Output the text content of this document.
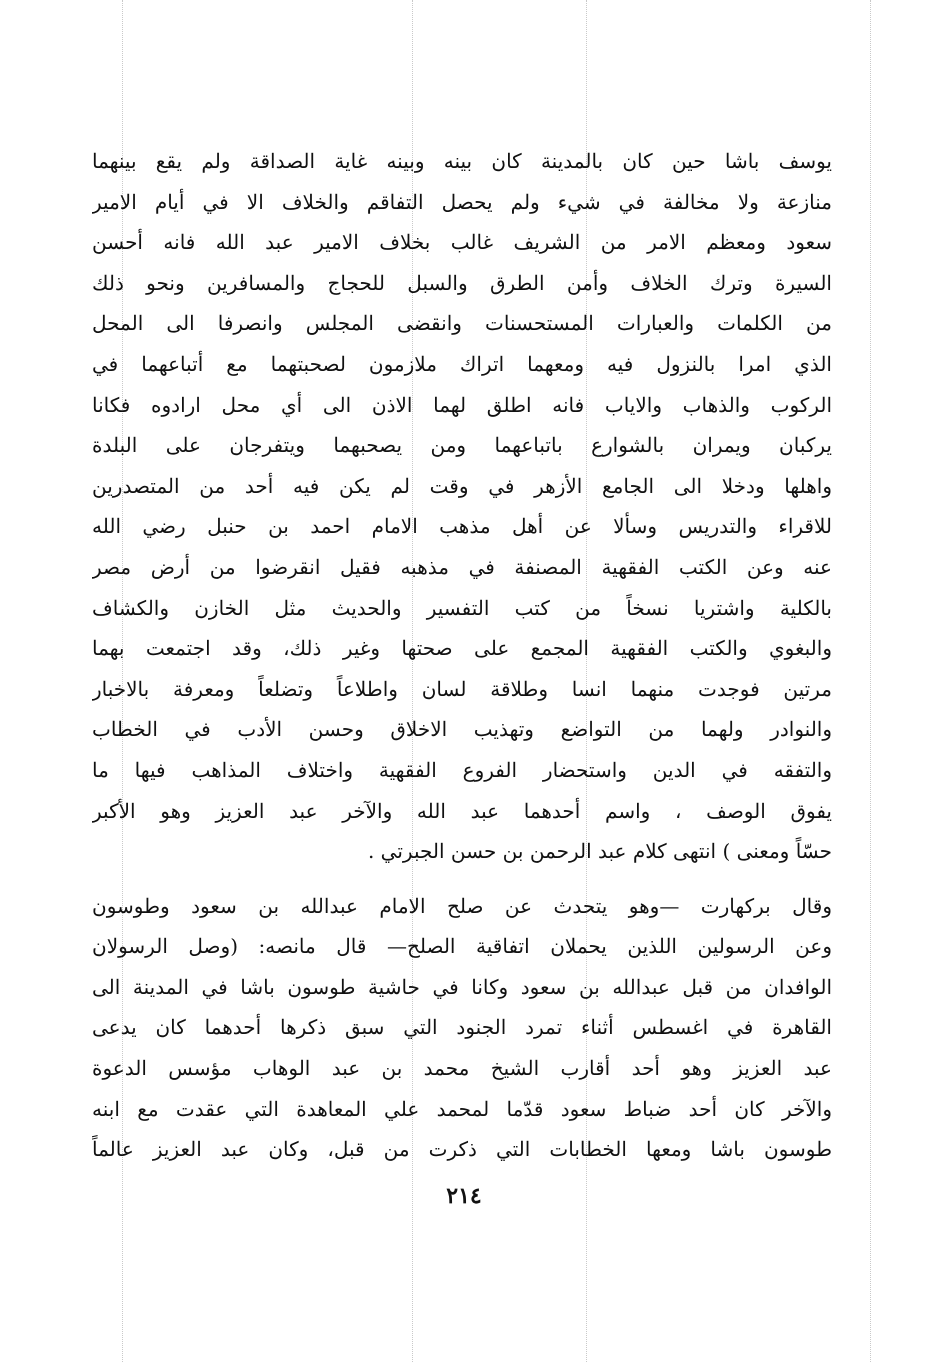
يوسف باشا حين كان بالمدينة كان بينه وبينه غاية الصداقة ولم يقع بينهما
منازعة ولا مخالفة في شيء ولم يحصل التفاقم والخلاف الا في أيام الامير
سعود ومعظم الامر من الشريف غالب بخلاف الامير عبد الله فانه أحسن
السيرة وترك الخلاف وأمن الطرق والسبل للحجاج والمسافرين ونحو ذلك
من الكلمات والعبارات المستحسنات وانقضى المجلس وانصرفا الى المحل
الذي امرا بالنزول فيه ومعهما اتراك ملازمون لصحبتهما مع أتباعهما في
الركوب والذهاب والاياب فانه اطلق لهما الاذن الى أي محل ارادوه فكانا
يركبان ويمران بالشوارع باتباعهما ومن يصحبهما ويتفرجان على البلدة
واهلها ودخلا الى الجامع الأزهر في وقت لم يكن فيه أحد من المتصدرين
للاقراء والتدريس وسألا عن أهل مذهب الامام احمد بن حنبل رضي الله
عنه وعن الكتب الفقهية المصنفة في مذهبه فقيل انقرضوا من أرض مصر
بالكلية واشتريا نسخاً من كتب التفسير والحديث مثل الخازن والكشاف
والبغوي والكتب الفقهية المجمع على صحتها وغير ذلك، وقد اجتمعت بهما
مرتين فوجدت منهما انسا وطلاقة لسان واطلاعاً وتضلعاً ومعرفة بالاخبار
والنوادر ولهما من التواضع وتهذيب الاخلاق وحسن الأدب في الخطاب
والتفقه في الدين واستحضار الفروع الفقهية واختلاف المذاهب فيها ما
يفوق الوصف ، واسم أحدهما عبد الله والآخر عبد العزيز وهو الأكبر
حسّاً ومعنى ) انتهى كلام عبد الرحمن بن حسن الجبرتي .
وقال بركهارت —وهو يتحدث عن صلح الامام عبدالله بن سعود وطوسون
وعن الرسولين اللذين يحملان اتفاقية الصلح— قال مانصه: (وصل الرسولان
الوافدان من قبل عبدالله بن سعود وكانا في حاشية طوسون باشا في المدينة الى
القاهرة في اغسطس أثناء تمرد الجنود التي سبق ذكرها أحدهما كان يدعى
عبد العزيز وهو أحد أقارب الشيخ محمد بن عبد الوهاب مؤسس الدعوة
والآخر كان أحد ضباط سعود قدّما لمحمد علي المعاهدة التي عقدت مع ابنه
طوسون باشا ومعها الخطابات التي ذكرت من قبل، وكان عبد العزيز عالماً
٢١٤
